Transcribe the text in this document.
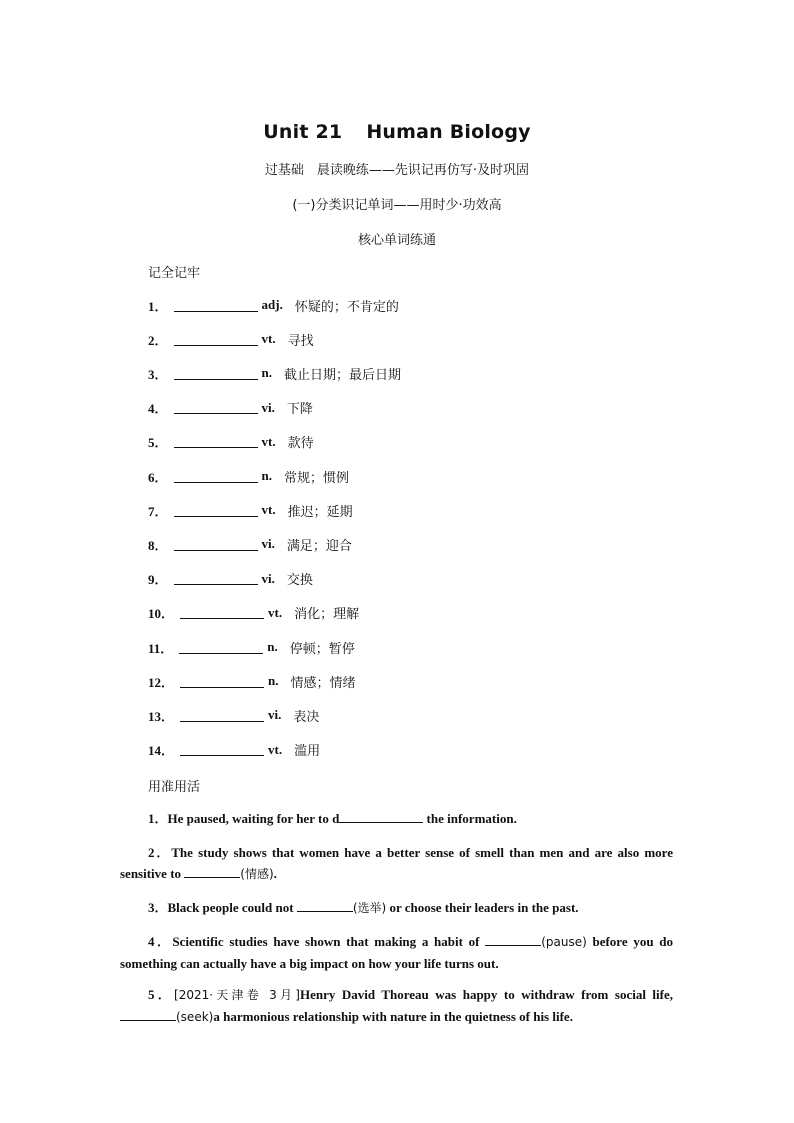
Unit 21 Human Biology
过基础　晨读晚练——先识记再仿写·及时巩固
(一)分类识记单词——用时少·功效高
核心单词练通
记全记牢
1．	adj. 怀疑的；不肯定的
2．	vt. 寻找
3．	n. 截止日期；最后日期
4．	vi. 下降
5．	vt. 款待
6．	n. 常规；惯例
7．	vt. 推迟；延期
8．	vi. 满足；迎合
9．	vi. 交换
10．	vt. 消化；理解
11．	n. 停顿；暂停
12．	n. 情感；情绪
13．	vi. 表决
14．	vt. 滥用
用准用活
1．He paused, waiting for her to d	the information.
2．The study shows that women have a better sense of smell than men and are also more sensitive to	(情感).
3．Black people could not	(选举) or choose their leaders in the past.
4．Scientific studies have shown that making a habit of	(pause) before you do something can actually have a big impact on how your life turns out.
5．[2021·天津卷 3月]Henry David Thoreau was happy to withdraw from social life, (seek)a harmonious relationship with nature in the quietness of his life.
